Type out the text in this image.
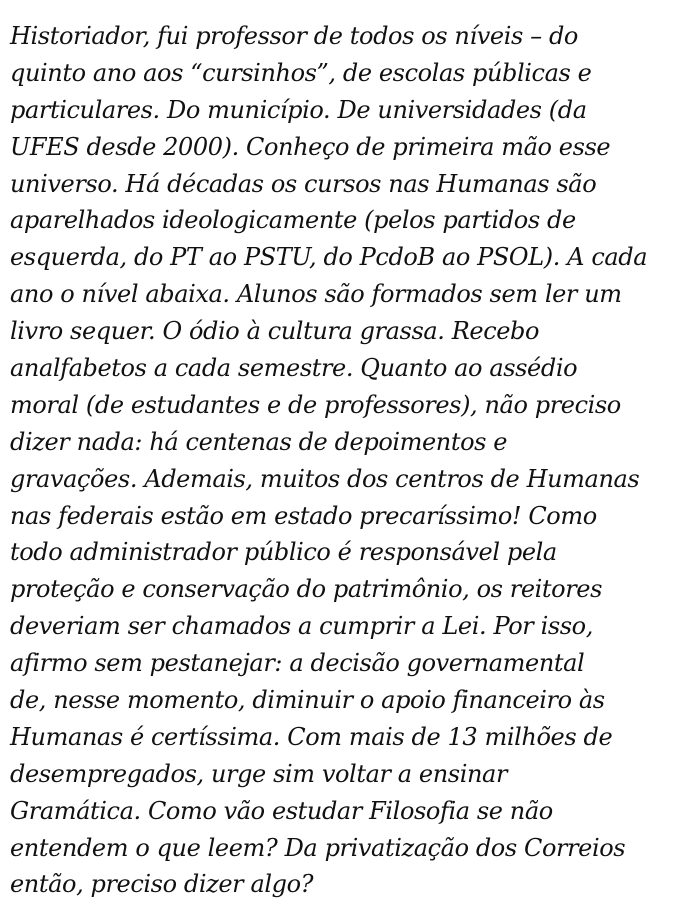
Historiador, fui professor de todos os níveis – do
quinto ano aos “cursinhos”, de escolas públicas e
particulares. Do município. De universidades (da
UFES desde 2000). Conheço de primeira mão esse
universo. Há décadas os cursos nas Humanas são
aparelhados ideologicamente (pelos partidos de
esquerda, do PT ao PSTU, do PcdoB ao PSOL). A cada
ano o nível abaixa. Alunos são formados sem ler um
livro sequer. O ódio à cultura grassa. Recebo
analfabetos a cada semestre. Quanto ao assédio
moral (de estudantes e de professores), não preciso
dizer nada: há centenas de depoimentos e
gravações. Ademais, muitos dos centros de Humanas
nas federais estão em estado precaríssimo! Como
todo administrador público é responsável pela
proteção e conservação do patrimônio, os reitores
deveriam ser chamados a cumprir a Lei. Por isso,
afirmo sem pestanejar: a decisão governamental
de, nesse momento, diminuir o apoio financeiro às
Humanas é certíssima. Com mais de 13 milhões de
desempregados, urge sim voltar a ensinar
Gramática. Como vão estudar Filosofia se não
entendem o que leem? Da privatização dos Correios
então, preciso dizer algo?
